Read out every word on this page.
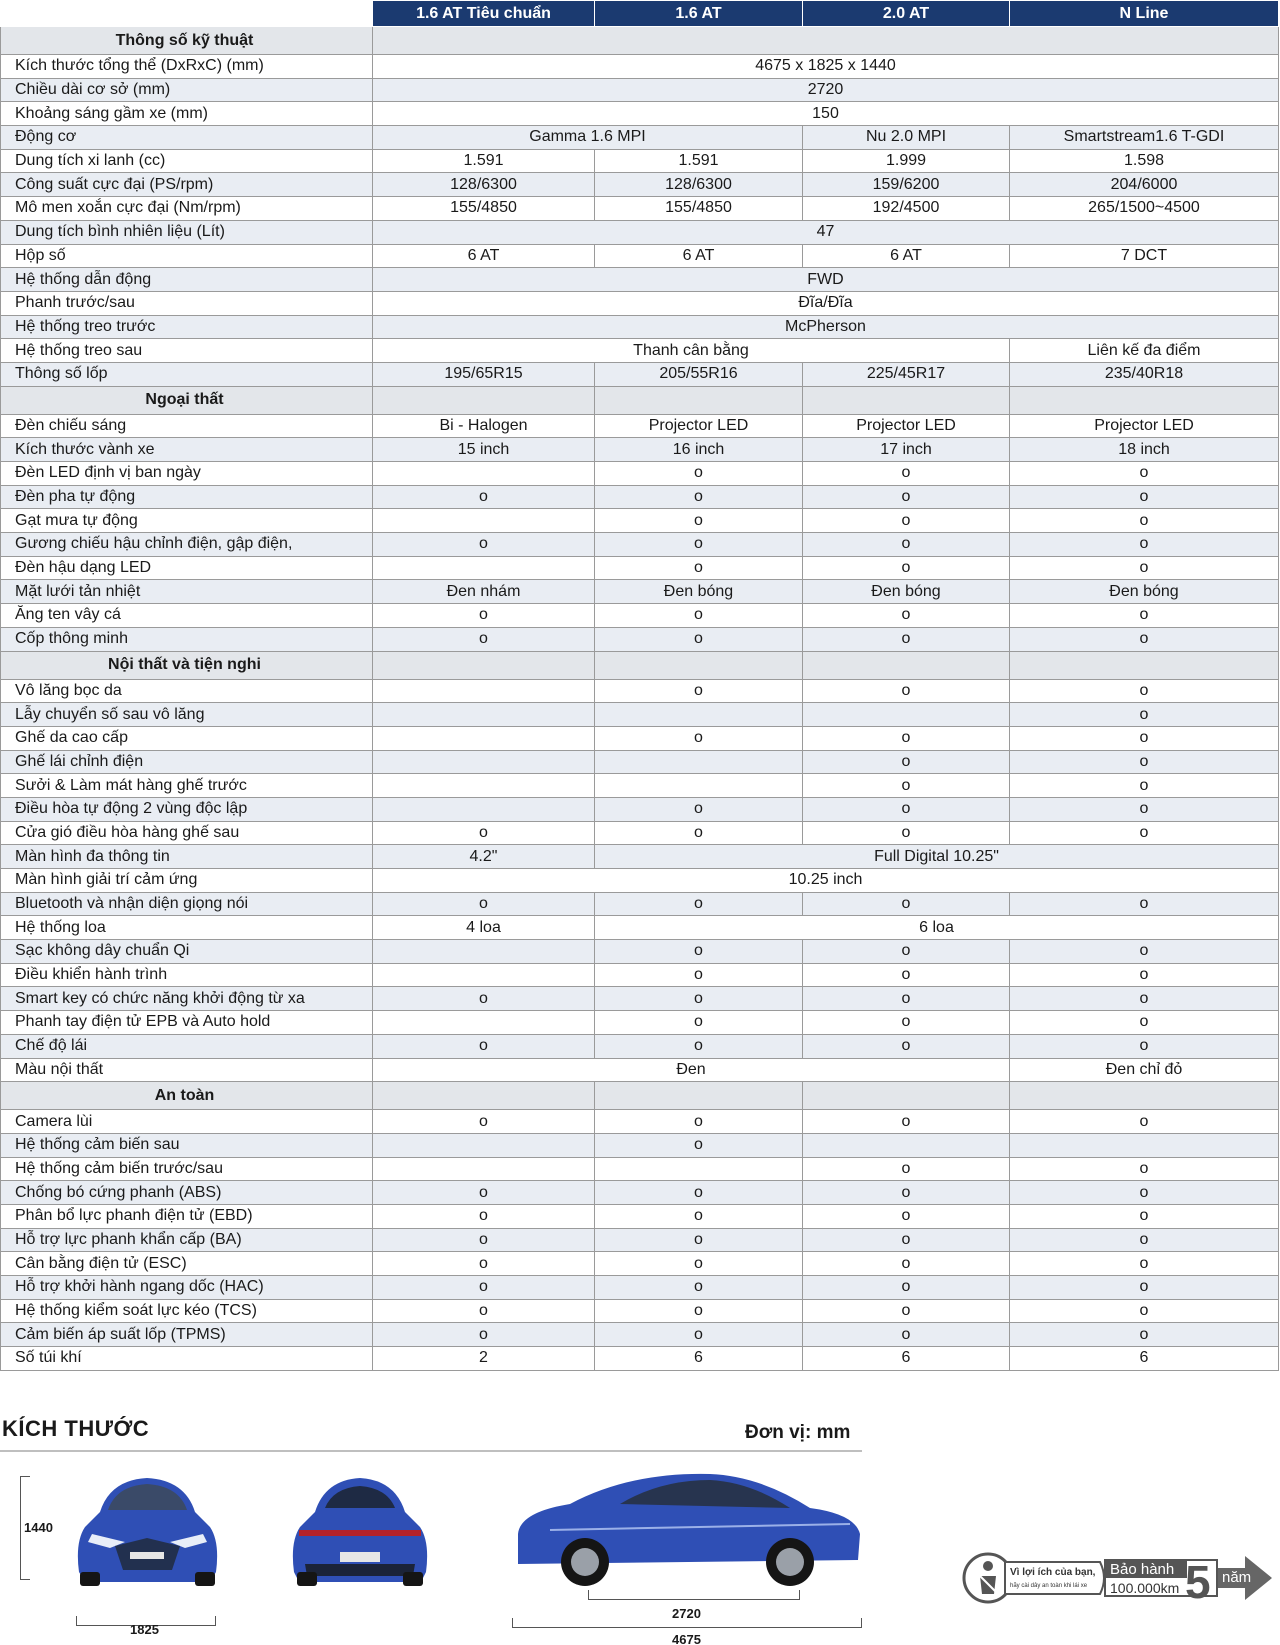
	1.6 AT Tiêu chuẩn	1.6 AT	2.0 AT	N Line
Thông số kỹ thuật				
Kích thước tổng thể (DxRxC) (mm)	4675 x 1825 x 1440			
Chiều dài cơ sở (mm)	2720			
Khoảng sáng gầm xe (mm)	150			
Động cơ	Gamma 1.6 MPI		Nu 2.0 MPI	Smartstream1.6 T-GDI
Dung tích xi lanh (cc)	1.591	1.591	1.999	1.598
Công suất cực đại (PS/rpm)	128/6300	128/6300	159/6200	204/6000
Mô men xoắn cực đại (Nm/rpm)	155/4850	155/4850	192/4500	265/1500~4500
Dung tích bình nhiên liệu (Lít)	47			
Hộp số	6 AT	6 AT	6 AT	7 DCT
Hệ thống dẫn động	FWD			
Phanh trước/sau	Đĩa/Đĩa			
Hệ thống treo trước	McPherson			
Hệ thống treo sau	Thanh cân bằng			Liên kế đa điểm
Thông số lốp	195/65R15	205/55R16	225/45R17	235/40R18
Ngoại thất				
Đèn chiếu sáng	Bi - Halogen	Projector LED	Projector LED	Projector LED
Kích thước vành xe	15 inch	16 inch	17 inch	18 inch
Đèn LED định vị ban ngày		o	o	o
Đèn pha tự động	o	o	o	o
Gạt mưa tự động		o	o	o
Gương chiếu hậu chỉnh điện, gập điện,	o	o	o	o
Đèn hậu dạng LED		o	o	o
Mặt lưới tản nhiệt	Đen nhám	Đen bóng	Đen bóng	Đen bóng
Ăng ten vây cá	o	o	o	o
Cốp thông minh	o	o	o	o
Nội thất và tiện nghi				
Vô lăng bọc da		o	o	o
Lẫy chuyển số sau vô lăng				o
Ghế da cao cấp		o	o	o
Ghế lái chỉnh điện			o	o
Sưởi & Làm mát hàng ghế trước			o	o
Điều hòa tự động 2 vùng độc lập		o	o	o
Cửa gió điều hòa hàng ghế sau	o	o	o	o
Màn hình đa thông tin	4.2"	Full Digital 10.25"		
Màn hình giải trí cảm ứng	10.25 inch			
Bluetooth và nhận diện giọng nói	o	o	o	o
Hệ thống loa	4 loa	6 loa		
Sạc không dây chuẩn Qi		o	o	o
Điều khiển hành trình		o	o	o
Smart key có chức năng khởi động từ xa	o	o	o	o
Phanh tay điện tử EPB và Auto hold		o	o	o
Chế độ lái	o	o	o	o
Màu nội thất	Đen			Đen chỉ đỏ
An toàn				
Camera lùi	o	o	o	o
Hệ thống cảm biến sau		o		
Hệ thống cảm biến trước/sau			o	o
Chống bó cứng phanh (ABS)	o	o	o	o
Phân bổ lực phanh điện tử (EBD)	o	o	o	o
Hỗ trợ lực phanh khẩn cấp (BA)	o	o	o	o
Cân bằng điện tử (ESC)	o	o	o	o
Hỗ trợ khởi hành ngang dốc (HAC)	o	o	o	o
Hệ thống kiểm soát lực kéo (TCS)	o	o	o	o
Cảm biến áp suất lốp (TPMS)	o	o	o	o
Số túi khí	2	6	6	6
KÍCH THƯỚC	Đơn vị: mm
1440
1825
2720
4675
Vì lợi ích của bạn,
hãy cài dây an toàn khi lái xe
Bảo hành
100.000km 5 năm
